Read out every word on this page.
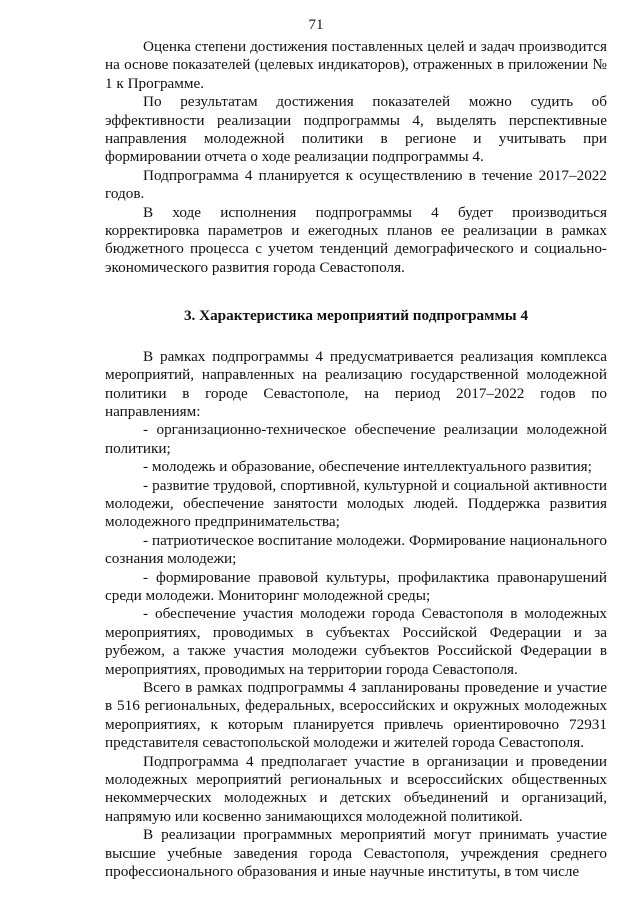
71

Оценка степени достижения поставленных целей и задач производится на основе показателей (целевых индикаторов), отраженных в приложении № 1 к Программе.

По результатам достижения показателей можно судить об эффективности реализации подпрограммы 4, выделять перспективные направления молодежной политики в регионе и учитывать при формировании отчета о ходе реализации подпрограммы 4.

Подпрограмма 4 планируется к осуществлению в течение 2017–2022 годов.

В ходе исполнения подпрограммы 4 будет производиться корректировка параметров и ежегодных планов ее реализации в рамках бюджетного процесса с учетом тенденций демографического и социально-экономического развития города Севастополя.

3. Характеристика мероприятий подпрограммы 4

В рамках подпрограммы 4 предусматривается реализация комплекса мероприятий, направленных на реализацию государственной молодежной политики в городе Севастополе, на период 2017–2022 годов по направлениям:

- организационно-техническое обеспечение реализации молодежной политики;

- молодежь и образование, обеспечение интеллектуального развития;

- развитие трудовой, спортивной, культурной и социальной активности молодежи, обеспечение занятости молодых людей. Поддержка развития молодежного предпринимательства;

- патриотическое воспитание молодежи. Формирование национального сознания молодежи;

- формирование правовой культуры, профилактика правонарушений среди молодежи. Мониторинг молодежной среды;

- обеспечение участия молодежи города Севастополя в молодежных мероприятиях, проводимых в субъектах Российской Федерации и за рубежом, а также участия молодежи субъектов Российской Федерации в мероприятиях, проводимых на территории города Севастополя.

Всего в рамках подпрограммы 4 запланированы проведение и участие в 516 региональных, федеральных, всероссийских и окружных молодежных мероприятиях, к которым планируется привлечь ориентировочно 72931 представителя севастопольской молодежи и жителей города Севастополя.

Подпрограмма 4 предполагает участие в организации и проведении молодежных мероприятий региональных и всероссийских общественных некоммерческих молодежных и детских объединений и организаций, напрямую или косвенно занимающихся молодежной политикой.

В реализации программных мероприятий могут принимать участие высшие учебные заведения города Севастополя, учреждения среднего профессионального образования и иные научные институты, в том числе
